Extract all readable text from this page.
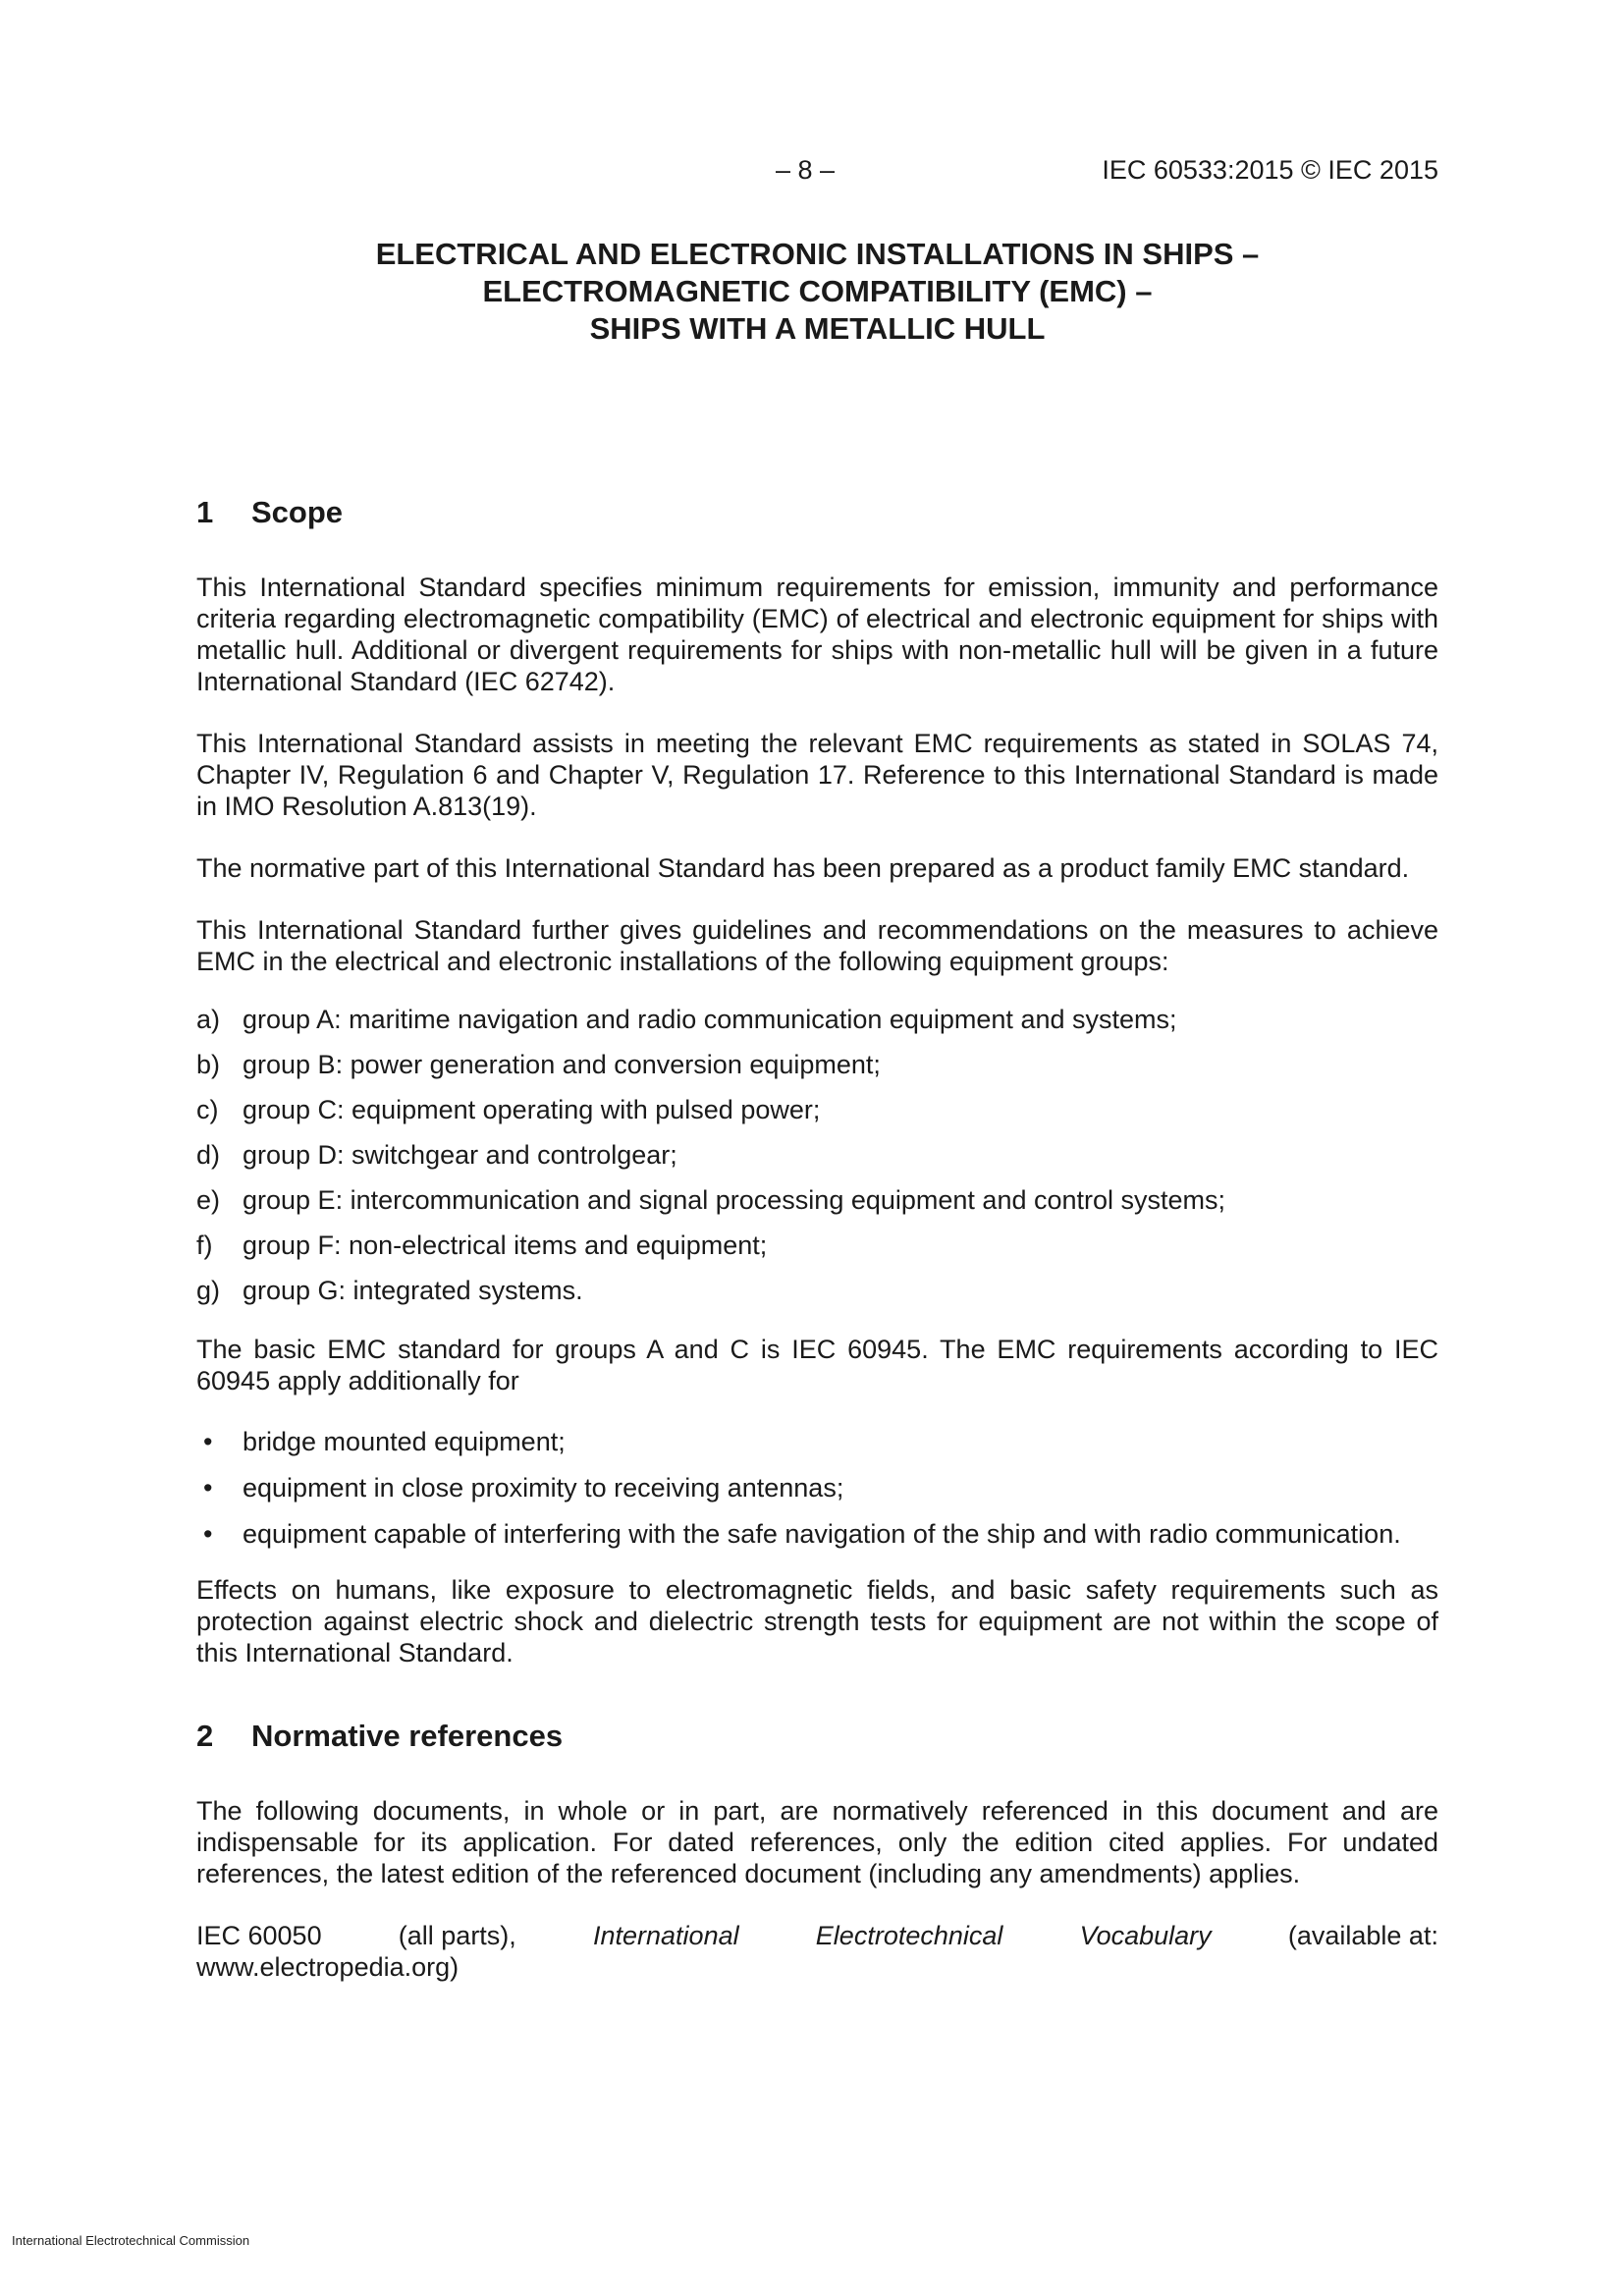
– 8 –	IEC 60533:2015 © IEC 2015
ELECTRICAL AND ELECTRONIC INSTALLATIONS IN SHIPS –
ELECTROMAGNETIC COMPATIBILITY (EMC) –
SHIPS WITH A METALLIC HULL
1 Scope

This International Standard specifies minimum requirements for emission, immunity and performance criteria regarding electromagnetic compatibility (EMC) of electrical and electronic equipment for ships with metallic hull. Additional or divergent requirements for ships with non-metallic hull will be given in a future International Standard (IEC 62742).

This International Standard assists in meeting the relevant EMC requirements as stated in SOLAS 74, Chapter IV, Regulation 6 and Chapter V, Regulation 17. Reference to this International Standard is made in IMO Resolution A.813(19).

The normative part of this International Standard has been prepared as a product family EMC standard.

This International Standard further gives guidelines and recommendations on the measures to achieve EMC in the electrical and electronic installations of the following equipment groups:

a) group A: maritime navigation and radio communication equipment and systems;
b) group B: power generation and conversion equipment;
c) group C: equipment operating with pulsed power;
d) group D: switchgear and controlgear;
e) group E: intercommunication and signal processing equipment and control systems;
f) group F: non-electrical items and equipment;
g) group G: integrated systems.

The basic EMC standard for groups A and C is IEC 60945. The EMC requirements according to IEC 60945 apply additionally for

• bridge mounted equipment;
• equipment in close proximity to receiving antennas;
• equipment capable of interfering with the safe navigation of the ship and with radio communication.

Effects on humans, like exposure to electromagnetic fields, and basic safety requirements such as protection against electric shock and dielectric strength tests for equipment are not within the scope of this International Standard.

2 Normative references

The following documents, in whole or in part, are normatively referenced in this document and are indispensable for its application. For dated references, only the edition cited applies. For undated references, the latest edition of the referenced document (including any amendments) applies.

IEC 60050	(all parts),	International	Electrotechnical	Vocabulary	(available at:
www.electropedia.org)
International Electrotechnical Commission
